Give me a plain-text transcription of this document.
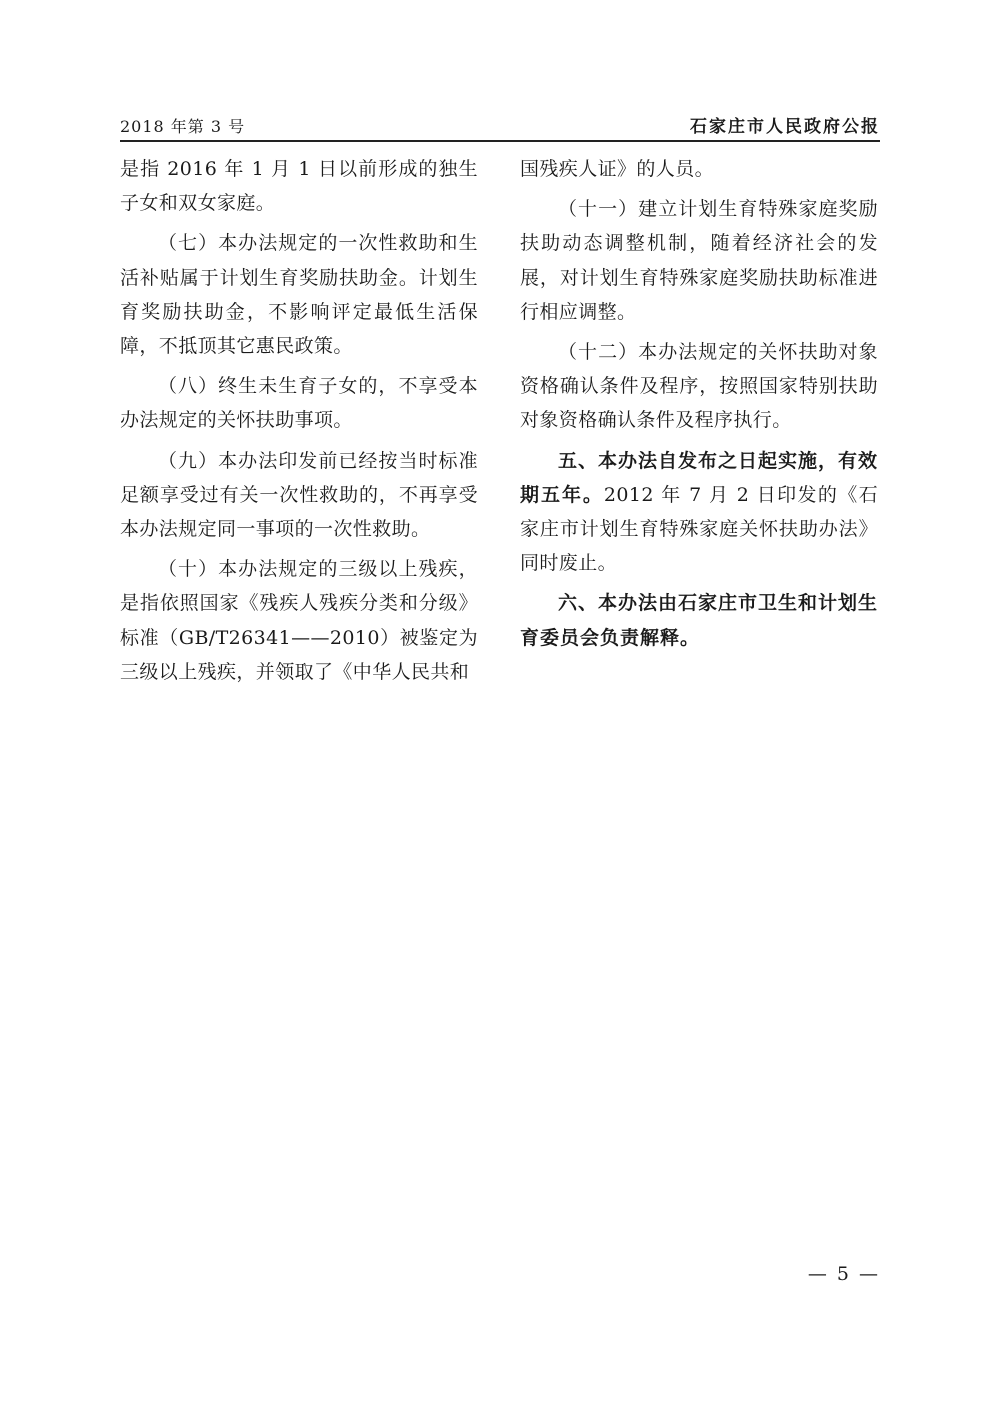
2018 年第 3 号	石家庄市人民政府公报

是指 2016 年 1 月 1 日以前形成的独生子女和双女家庭。

（七）本办法规定的一次性救助和生活补贴属于计划生育奖励扶助金。计划生育奖励扶助金，不影响评定最低生活保障，不抵顶其它惠民政策。

（八）终生未生育子女的，不享受本办法规定的关怀扶助事项。

（九）本办法印发前已经按当时标准足额享受过有关一次性救助的，不再享受本办法规定同一事项的一次性救助。

（十）本办法规定的三级以上残疾，是指依照国家《残疾人残疾分类和分级》标准（GB/T26341——2010）被鉴定为三级以上残疾，并领取了《中华人民共和

国残疾人证》的人员。

（十一）建立计划生育特殊家庭奖励扶助动态调整机制，随着经济社会的发展，对计划生育特殊家庭奖励扶助标准进行相应调整。

（十二）本办法规定的关怀扶助对象资格确认条件及程序，按照国家特别扶助对象资格确认条件及程序执行。

五、本办法自发布之日起实施，有效期五年。2012 年 7 月 2 日印发的《石家庄市计划生育特殊家庭关怀扶助办法》同时废止。

六、本办法由石家庄市卫生和计划生育委员会负责解释。

— 5 —
